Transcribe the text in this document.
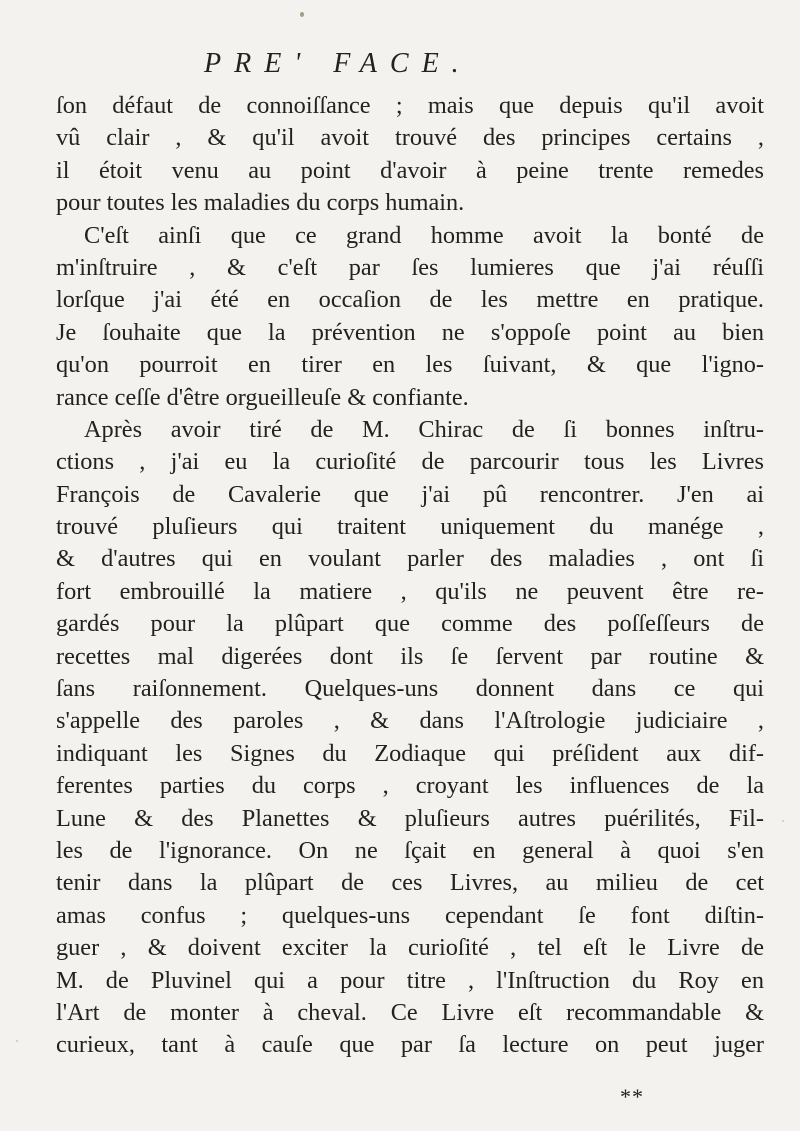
PRE' FACE.
ſon défaut de connoiſſance ; mais que depuis qu'il avoit
vû clair , & qu'il avoit trouvé des principes certains ,
il étoit venu au point d'avoir à peine trente remedes
pour toutes les maladies du corps humain.
C'eſt ainſi que ce grand homme avoit la bonté de
m'inſtruire , & c'eſt par ſes lumieres que j'ai réuſſi
lorſque j'ai été en occaſion de les mettre en pratique.
Je ſouhaite que la prévention ne s'oppoſe point au bien
qu'on pourroit en tirer en les ſuivant, & que l'igno-
rance ceſſe d'être orgueilleuſe & confiante.
Après avoir tiré de M. Chirac de ſi bonnes inſtru-
ctions , j'ai eu la curioſité de parcourir tous les Livres
François de Cavalerie que j'ai pû rencontrer. J'en ai
trouvé pluſieurs qui traitent uniquement du manége ,
& d'autres qui en voulant parler des maladies , ont ſi
fort embrouillé la matiere , qu'ils ne peuvent être re-
gardés pour la plûpart que comme des poſſeſſeurs de
recettes mal digerées dont ils ſe ſervent par routine &
ſans raiſonnement. Quelques-uns donnent dans ce qui
s'appelle des paroles , & dans l'Aſtrologie judiciaire ,
indiquant les Signes du Zodiaque qui préſident aux dif-
ferentes parties du corps , croyant les influences de la
Lune & des Planettes & pluſieurs autres puérilités, Fil-
les de l'ignorance. On ne ſçait en general à quoi s'en
tenir dans la plûpart de ces Livres, au milieu de cet
amas confus ; quelques-uns cependant ſe font diſtin-
guer , & doivent exciter la curioſité , tel eſt le Livre de
M. de Pluvinel qui a pour titre , l'Inſtruction du Roy en
l'Art de monter à cheval. Ce Livre eſt recommandable &
curieux, tant à cauſe que par ſa lecture on peut juger
**
